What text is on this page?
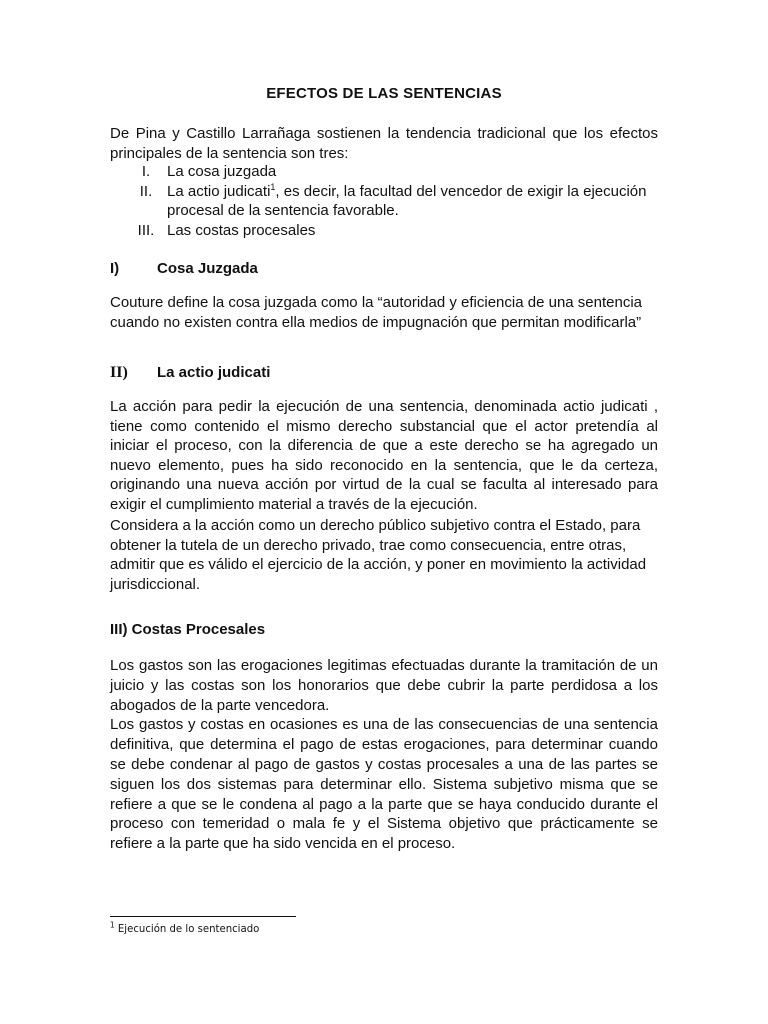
EFECTOS DE LAS SENTENCIAS
De Pina y Castillo Larrañaga sostienen la tendencia tradicional que los efectos principales de la sentencia son tres:
I.	La cosa juzgada
II. La actio judicati$^1$, es decir, la facultad del vencedor de exigir la ejecución procesal de la sentencia favorable.
III. Las costas procesales
I)	Cosa Juzgada
Couture define la cosa juzgada como la “autoridad y eficiencia de una sentencia cuando no existen contra ella medios de impugnación que permitan modificarla”
II)	La actio judicati
La acción para pedir la ejecución de una sentencia, denominada actio judicati , tiene como contenido el mismo derecho substancial que el actor pretendía al iniciar el proceso, con la diferencia de que a este derecho se ha agregado un nuevo elemento, pues ha sido reconocido en la sentencia, que le da certeza, originando una nueva acción por virtud de la cual se faculta al interesado para exigir el cumplimiento material a través de la ejecución.
Considera a la acción como un derecho público subjetivo contra el Estado, para obtener la tutela de un derecho privado, trae como consecuencia, entre otras, admitir que es válido el ejercicio de la acción, y poner en movimiento la actividad jurisdiccional.
III) Costas Procesales
Los gastos son las erogaciones legitimas efectuadas durante la tramitación de un juicio y las costas son los honorarios que debe cubrir la parte perdidosa a los abogados de la parte vencedora.
Los gastos y costas en ocasiones es una de las consecuencias de una sentencia definitiva, que determina el pago de estas erogaciones, para determinar cuando se debe condenar al pago de gastos y costas procesales a una de las partes se siguen los dos sistemas para determinar ello. Sistema subjetivo misma que se refiere a que se le condena al pago a la parte que se haya conducido durante el proceso con temeridad o mala fe y el Sistema objetivo que prácticamente se refiere a la parte que ha sido vencida en el proceso.
$^1$ Ejecución de lo sentenciado
